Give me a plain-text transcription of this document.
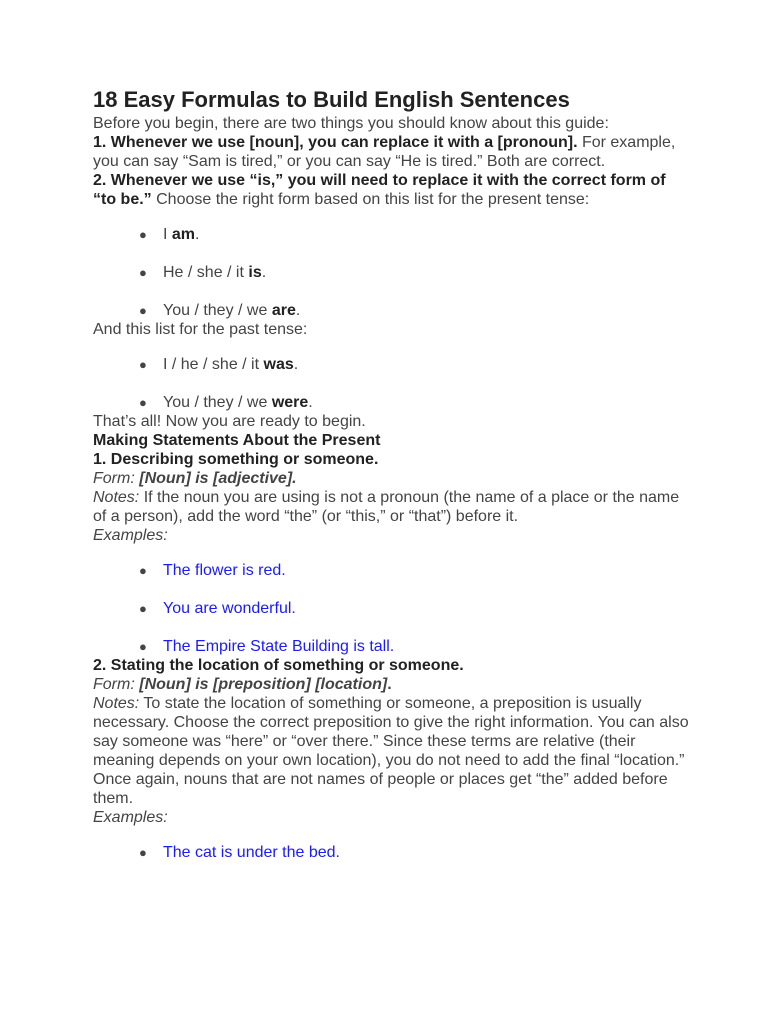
18 Easy Formulas to Build English Sentences

Before you begin, there are two things you should know about this guide:

1. Whenever we use [noun], you can replace it with a [pronoun]. For example, you can say “Sam is tired,” or you can say “He is tired.” Both are correct.

2. Whenever we use “is,” you will need to replace it with the correct form of “to be.” Choose the right form based on this list for the present tense:

● I am.
● He / she / it is.
● You / they / we are.

And this list for the past tense:

● I / he / she / it was.
● You / they / we were.

That’s all! Now you are ready to begin.

Making Statements About the Present

1. Describing something or someone.

Form: [Noun] is [adjective].

Notes: If the noun you are using is not a pronoun (the name of a place or the name of a person), add the word “the” (or “this,” or “that”) before it.

Examples:

● The flower is red.
● You are wonderful.
● The Empire State Building is tall.

2. Stating the location of something or someone.

Form: [Noun] is [preposition] [location].

Notes: To state the location of something or someone, a preposition is usually necessary. Choose the correct preposition to give the right information. You can also say someone was “here” or “over there.” Since these terms are relative (their meaning depends on your own location), you do not need to add the final “location.”

Once again, nouns that are not names of people or places get “the” added before them.

Examples:

● The cat is under the bed.
